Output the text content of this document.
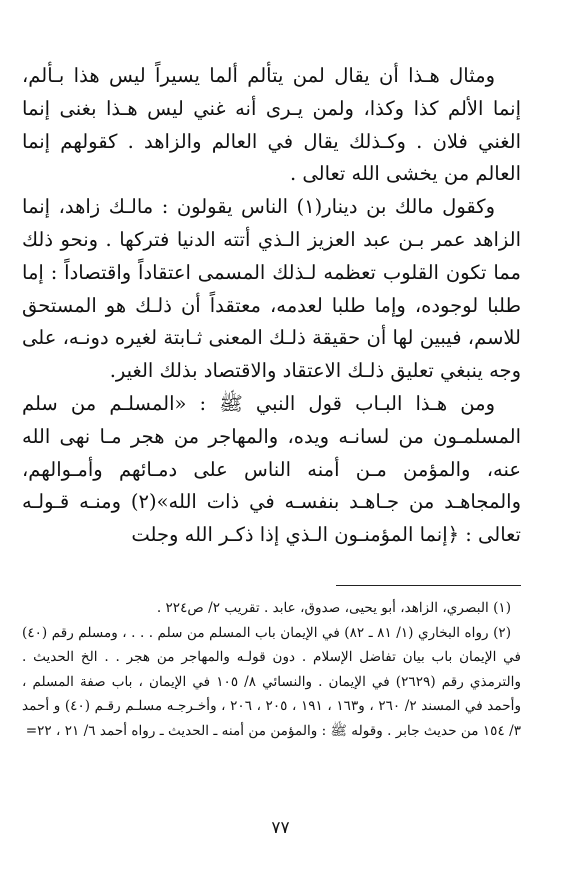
ومثال هـذا أن يقال لمن يتألم ألما يسيراً ليس هذا بـألم، إنما الألم كذا وكذا، ولمن يـرى أنه غني ليس هـذا بغنى إنما الغني فلان . وكـذلك يقال في العالم والزاهد . كقولهم إنما العالم من يخشى الله تعالى .

وكقول مالك بن دينار(١) الناس يقولون : مالـك زاهد، إنما الزاهد عمر بـن عبد العزيز الـذي أتته الدنيا فتركها . ونحو ذلك مما تكون القلوب تعظمه لـذلك المسمى اعتقاداً واقتصاداً : إما طلبا لوجوده، وإما طلبا لعدمه، معتقداً أن ذلـك هو المستحق للاسم، فيبين لها أن حقيقة ذلـك المعنى ثـابتة لغيره دونـه، على وجه ينبغي تعليق ذلـك الاعتقاد والاقتصاد بذلك الغير.

ومن هـذا البـاب قول النبي ﷺ : «المسلـم من سلم المسلمـون من لسانـه ويده، والمهاجر من هجر مـا نهى الله عنه، والمؤمن مـن أمنه الناس على دمـائهم وأمـوالهم، والمجاهـد من جـاهـد بنفسـه في ذات الله»(٢) ومنـه قـولـه تعالى : ﴿إنما المؤمنـون الـذي إذا ذكـر الله وجلت

(١) البصري، الزاهد، أبو يحيى، صدوق، عابد . تقريب ٢/ ص٢٢٤ .

(٢) رواه البخاري (١/ ٨١ ـ ٨٢) في الإيمان باب المسلم من سلم . . . ، ومسلم رقم (٤٠) في الإيمان باب بيان تفاضل الإسلام . دون قولـه والمهاجر من هجر . . الخ الحديث . والترمذي رقم (٢٦٢٩) في الإيمان . والنسائي ٨/ ١٠٥ في الإيمان ، باب صفة المسلم ، وأحمد في المسند ٢/ ٢٦٠ ، و١٦٣ ، ١٩١ ، ٢٠٥ ، ٢٠٦ ، وأخـرجـه مسلـم رقـم (٤٠) و أحمد ٣/ ١٥٤ من حديث جابر . وقوله ﷺ : والمؤمن من أمنه ـ الحديث ـ رواه أحمد ٦/ ٢١ ، ٢٢=

٧٧
